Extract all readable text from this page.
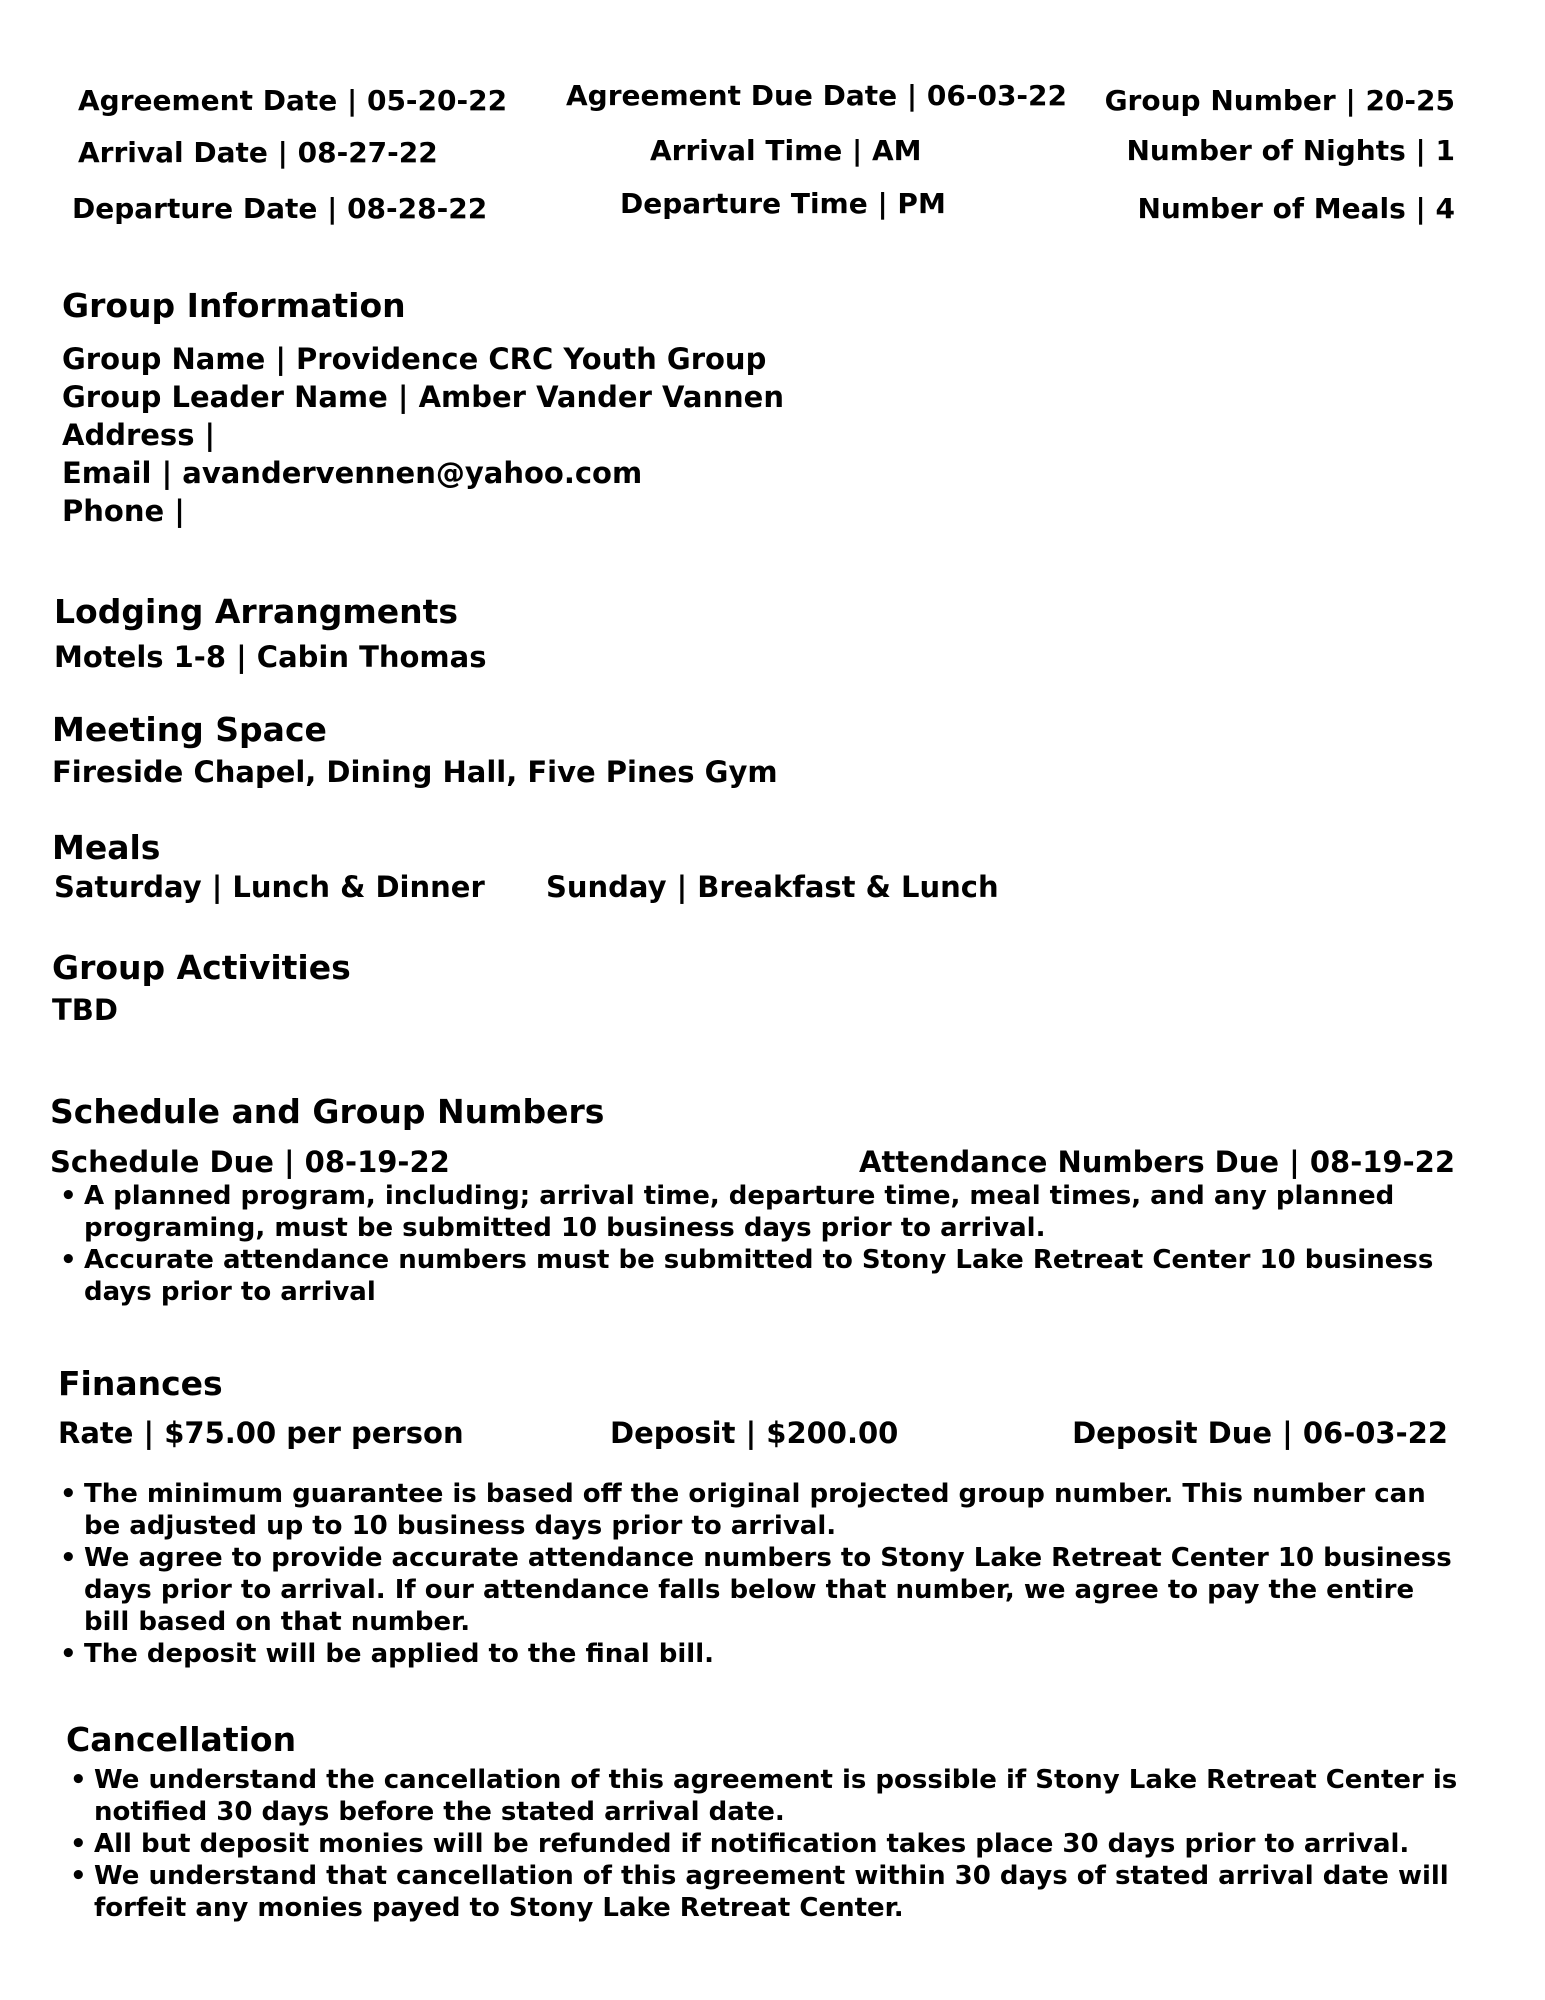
Agreement Date | 05-20-22 Agreement Due Date | 06-03-22 Group Number | 20-25
Arrival Date | 08-27-22	Arrival Time | AM	Number of Nights | 1
Departure Date | 08-28-22	Departure Time | PM	Number of Meals | 4
Group Information
Group Name | Providence CRC Youth Group
Group Leader Name | Amber Vander Vannen
Address |
Email | avandervennen@yahoo.com
Phone |
Lodging Arrangments
Motels 1-8 | Cabin Thomas
Meeting Space
Fireside Chapel, Dining Hall, Five Pines Gym
Meals
Saturday | Lunch & Dinner Sunday | Breakfast & Lunch
Group Activities
TBD
Schedule and Group Numbers
Schedule Due | 08-19-22	Attendance Numbers Due | 08-19-22
• A planned program, including; arrival time, departure time, meal times, and any planned programing, must be submitted 10 business days prior to arrival.
• Accurate attendance numbers must be submitted to Stony Lake Retreat Center 10 business days prior to arrival
Finances
Rate | $75.00 per person	Deposit | $200.00	Deposit Due | 06-03-22
• The minimum guarantee is based off the original projected group number. This number can be adjusted up to 10 business days prior to arrival.
• We agree to provide accurate attendance numbers to Stony Lake Retreat Center 10 business days prior to arrival. If our attendance falls below that number, we agree to pay the entire bill based on that number.
• The deposit will be applied to the final bill.
Cancellation
• We understand the cancellation of this agreement is possible if Stony Lake Retreat Center is notified 30 days before the stated arrival date.
• All but deposit monies will be refunded if notification takes place 30 days prior to arrival.
• We understand that cancellation of this agreement within 30 days of stated arrival date will forfeit any monies payed to Stony Lake Retreat Center.
